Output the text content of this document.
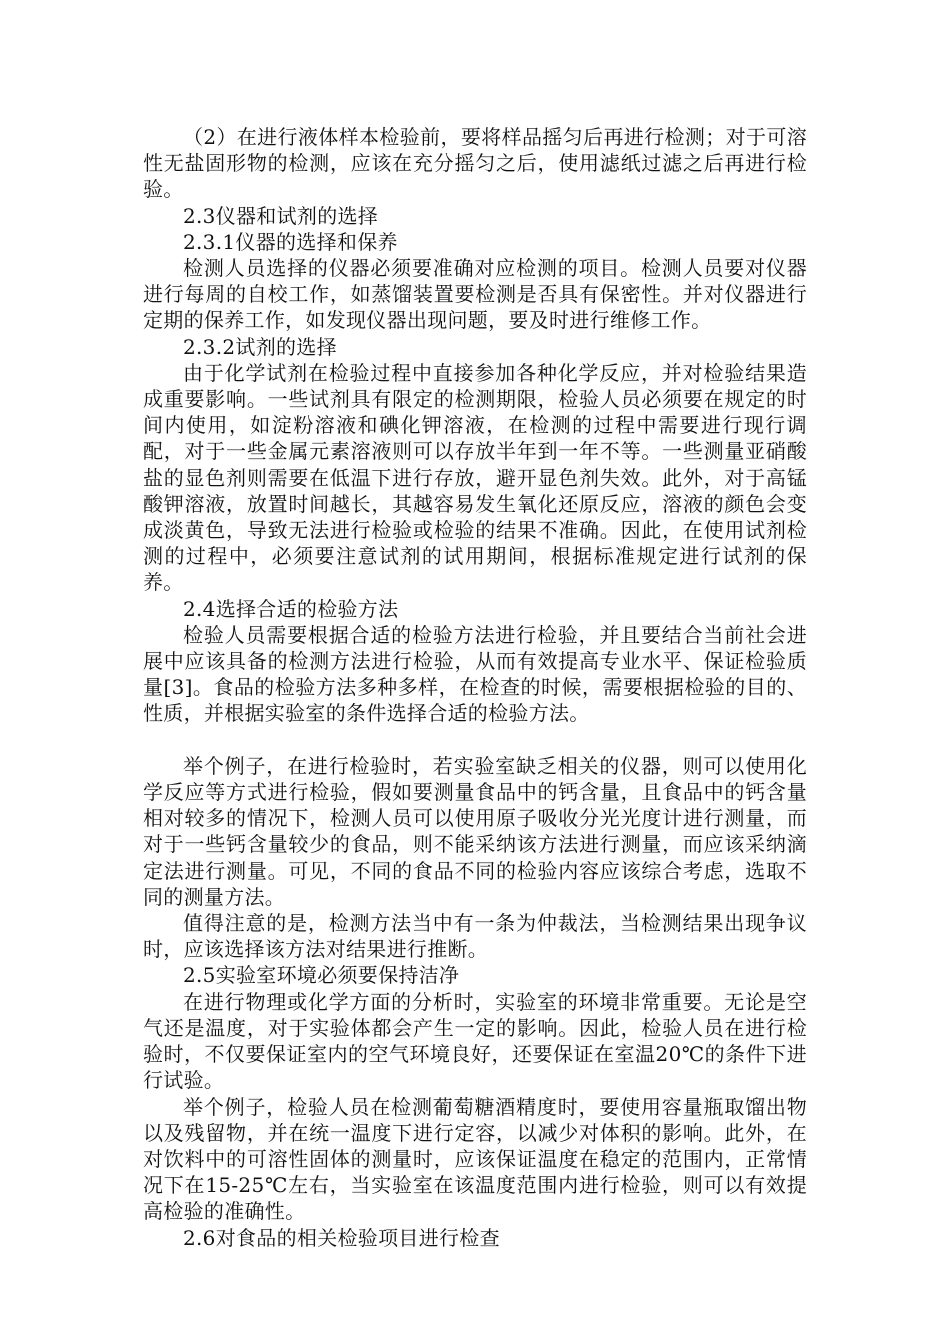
（2）在进行液体样本检验前，要将样品摇匀后再进行检测；对于可溶性无盐固形物的检测，应该在充分摇匀之后，使用滤纸过滤之后再进行检验。

2.3仪器和试剂的选择

2.3.1仪器的选择和保养

检测人员选择的仪器必须要准确对应检测的项目。检测人员要对仪器进行每周的自校工作，如蒸馏装置要检测是否具有保密性。并对仪器进行定期的保养工作，如发现仪器出现问题，要及时进行维修工作。

2.3.2试剂的选择

由于化学试剂在检验过程中直接参加各种化学反应，并对检验结果造成重要影响。一些试剂具有限定的检测期限，检验人员必须要在规定的时间内使用，如淀粉溶液和碘化钾溶液，在检测的过程中需要进行现行调配，对于一些金属元素溶液则可以存放半年到一年不等。一些测量亚硝酸盐的显色剂则需要在低温下进行存放，避开显色剂失效。此外，对于高锰酸钾溶液，放置时间越长，其越容易发生氧化还原反应，溶液的颜色会变成淡黄色，导致无法进行检验或检验的结果不准确。因此，在使用试剂检测的过程中，必须要注意试剂的试用期间，根据标准规定进行试剂的保养。

2.4选择合适的检验方法

检验人员需要根据合适的检验方法进行检验，并且要结合当前社会进展中应该具备的检测方法进行检验，从而有效提高专业水平、保证检验质量[3]。食品的检验方法多种多样，在检查的时候，需要根据检验的目的、性质，并根据实验室的条件选择合适的检验方法。

举个例子，在进行检验时，若实验室缺乏相关的仪器，则可以使用化学反应等方式进行检验，假如要测量食品中的钙含量，且食品中的钙含量相对较多的情况下，检测人员可以使用原子吸收分光光度计进行测量，而对于一些钙含量较少的食品，则不能采纳该方法进行测量，而应该采纳滴定法进行测量。可见，不同的食品不同的检验内容应该综合考虑，选取不同的测量方法。

值得注意的是，检测方法当中有一条为仲裁法，当检测结果出现争议时，应该选择该方法对结果进行推断。

2.5实验室环境必须要保持洁净

在进行物理或化学方面的分析时，实验室的环境非常重要。无论是空气还是温度，对于实验体都会产生一定的影响。因此，检验人员在进行检验时，不仅要保证室内的空气环境良好，还要保证在室温20℃的条件下进行试验。

举个例子，检验人员在检测葡萄糖酒精度时，要使用容量瓶取馏出物以及残留物，并在统一温度下进行定容，以减少对体积的影响。此外，在对饮料中的可溶性固体的测量时，应该保证温度在稳定的范围内，正常情况下在15-25℃左右，当实验室在该温度范围内进行检验，则可以有效提高检验的准确性。

2.6对食品的相关检验项目进行检查
